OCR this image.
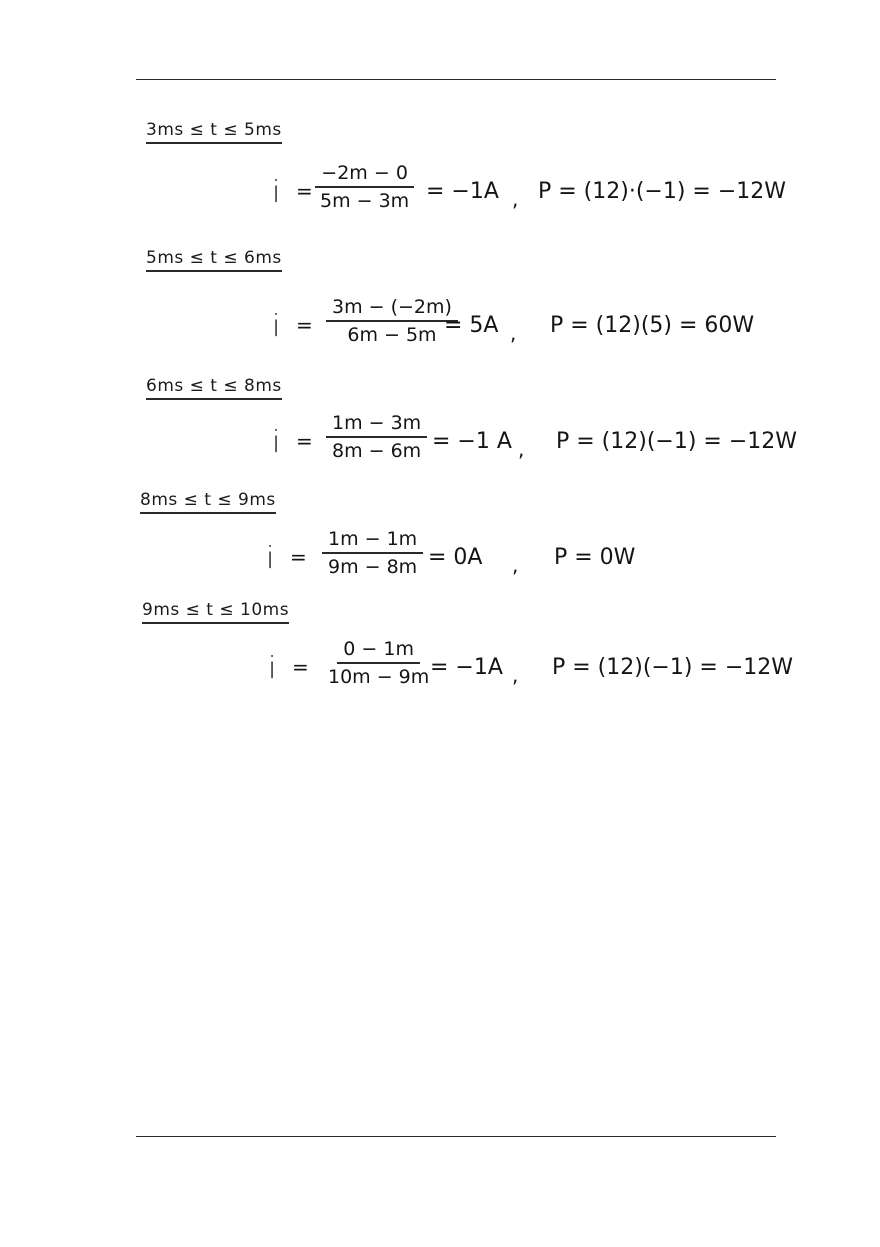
3ms ≤ t ≤ 5ms
$i = \frac{-2m - 0}{5m - 3m} = -1A$ , P = (12)·(−1) = −12W
5ms ≤ t ≤ 6ms
$i = \frac{3m - (-2m)}{6m - 5m}$
= 5A , P = (12)(5) = 60W
6ms ≤ t ≤ 8ms
$i = \frac{1m - 3m}{8m - 6m} = -1$ A , P = (12)(−1) = −12W
8ms ≤ t ≤ 9ms
$i = \frac{1m - 1m}{9m - 8m} = 0A$ , P = 0W
9ms ≤ t ≤ 10ms
$i = \frac{0 - 1m}{10m - 9m}$
= −1A , P = (12)(−1) = −12W
